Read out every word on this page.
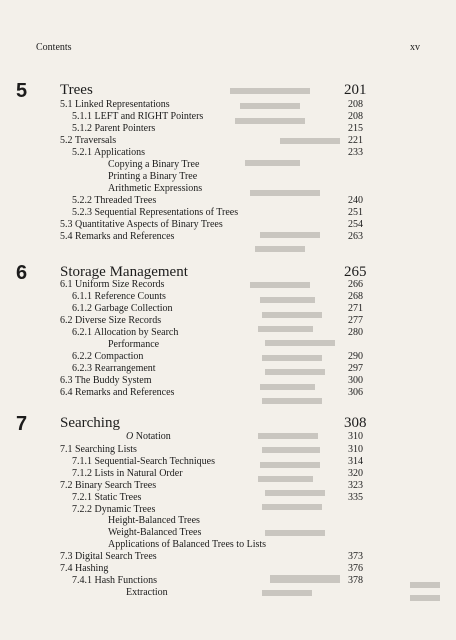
Contents	xv
5 Trees	201
5.1 Linked Representations	208
5.1.1 LEFT and RIGHT Pointers	208
5.1.2 Parent Pointers	215
5.2 Traversals	221
5.2.1 Applications	233
Copying a Binary Tree
Printing a Binary Tree
Arithmetic Expressions
5.2.2 Threaded Trees	240
5.2.3 Sequential Representations of Trees	251
5.3 Quantitative Aspects of Binary Trees	254
5.4 Remarks and References	263
6 Storage Management	265
6.1 Uniform Size Records	266
6.1.1 Reference Counts	268
6.1.2 Garbage Collection	271
6.2 Diverse Size Records	277
6.2.1 Allocation by Search	280
Performance
6.2.2 Compaction	290
6.2.3 Rearrangement	297
6.3 The Buddy System	300
6.4 Remarks and References	306
7 Searching	308
O Notation	310
7.1 Searching Lists	310
7.1.1 Sequential-Search Techniques	314
7.1.2 Lists in Natural Order	320
7.2 Binary Search Trees	323
7.2.1 Static Trees	335
7.2.2 Dynamic Trees
Height-Balanced Trees
Weight-Balanced Trees
Applications of Balanced Trees to Lists
7.3 Digital Search Trees	373
7.4 Hashing	376
7.4.1 Hash Functions	378
Extraction
